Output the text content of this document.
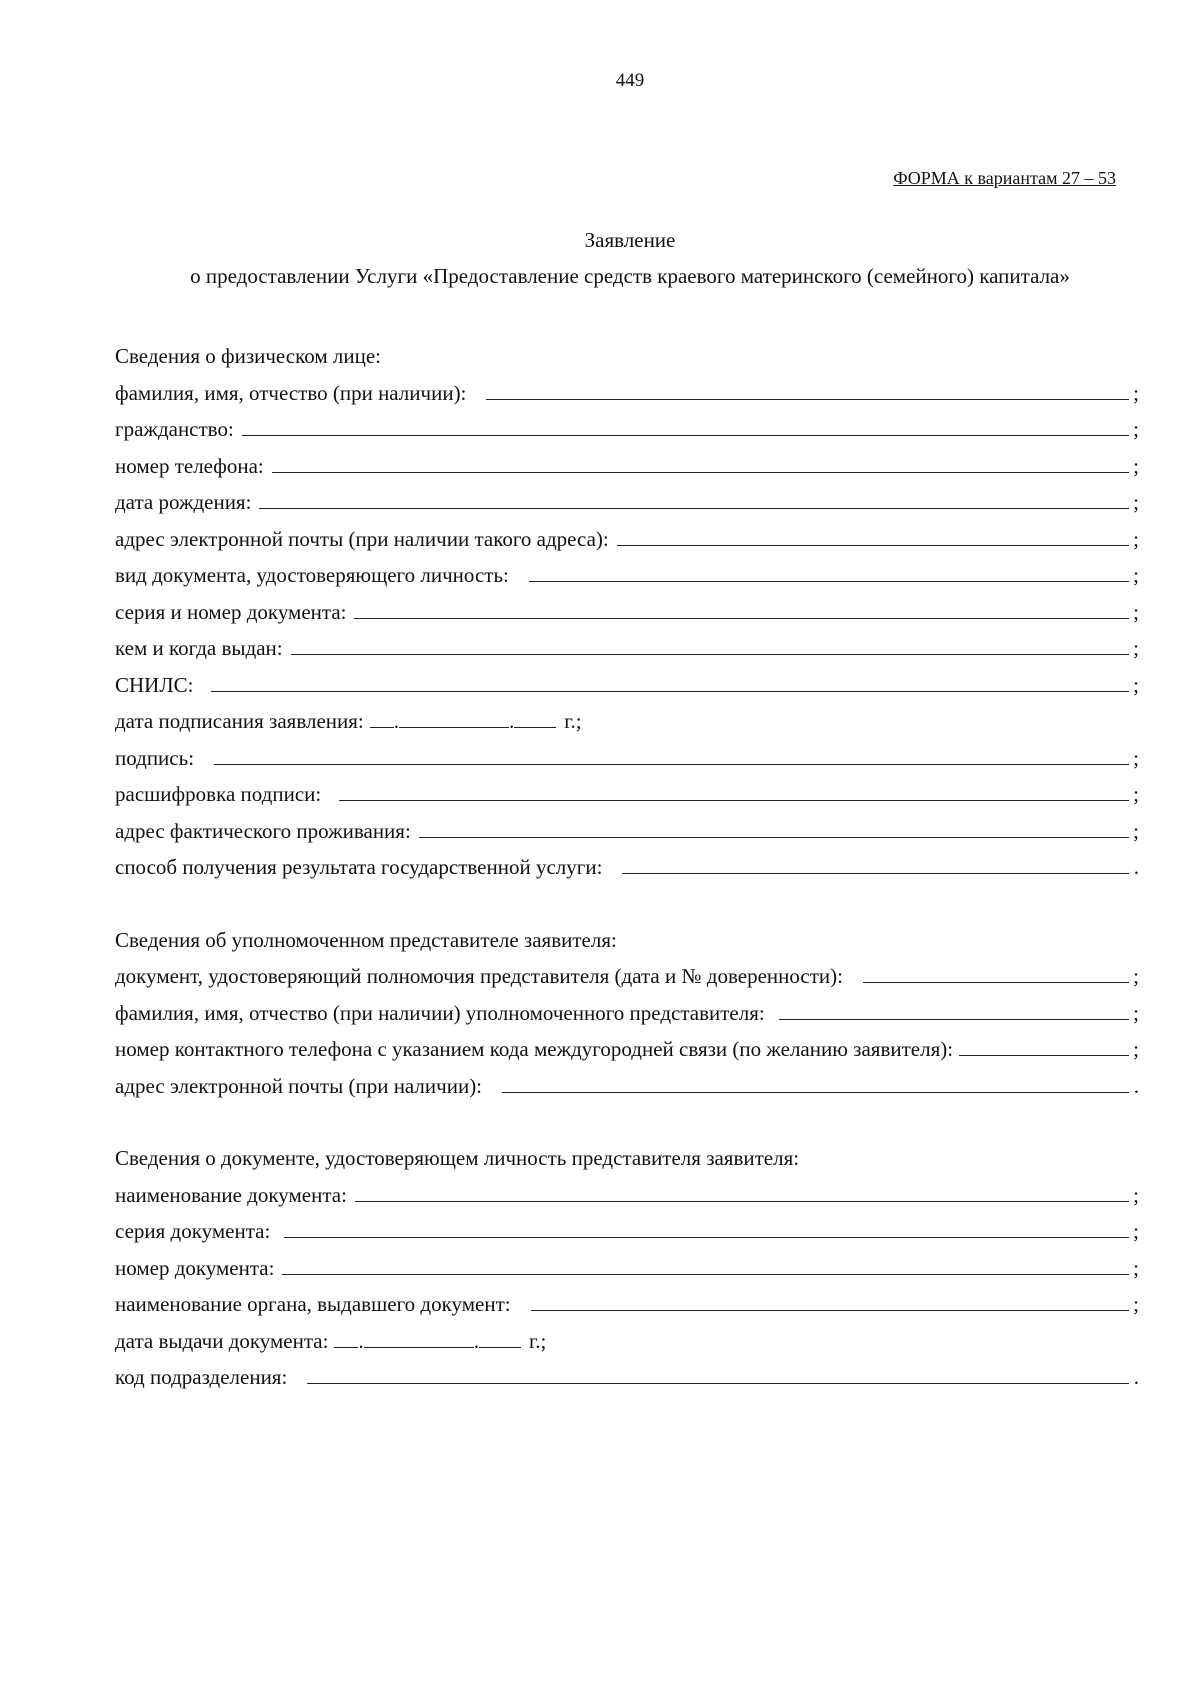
449
ФОРМА к вариантам 27 – 53
Заявление
о предоставлении Услуги «Предоставление средств краевого материнского (семейного) капитала»
Сведения о физическом лице:
фамилия, имя, отчество (при наличии):	;
гражданство:	;
номер телефона:	;
дата рождения:	;
адрес электронной почты (при наличии такого адреса):	;
вид документа, удостоверяющего личность:	;
серия и номер документа:	;
кем и когда выдан:	;
СНИЛС:	;
дата подписания заявления: .	. г.;
подпись:	;
расшифровка подписи:	;
адрес фактического проживания:	;
способ получения результата государственной услуги:	.
Сведения об уполномоченном представителе заявителя:
документ, удостоверяющий полномочия представителя (дата и № доверенности):	;
фамилия, имя, отчество (при наличии) уполномоченного представителя:	;
номер контактного телефона с указанием кода междугородней связи (по желанию заявителя):	;
адрес электронной почты (при наличии):	.
Сведения о документе, удостоверяющем личность представителя заявителя:
наименование документа:	;
серия документа:	;
номер документа:	;
наименование органа, выдавшего документ:	;
дата выдачи документа: .	. г.;
код подразделения:	.
